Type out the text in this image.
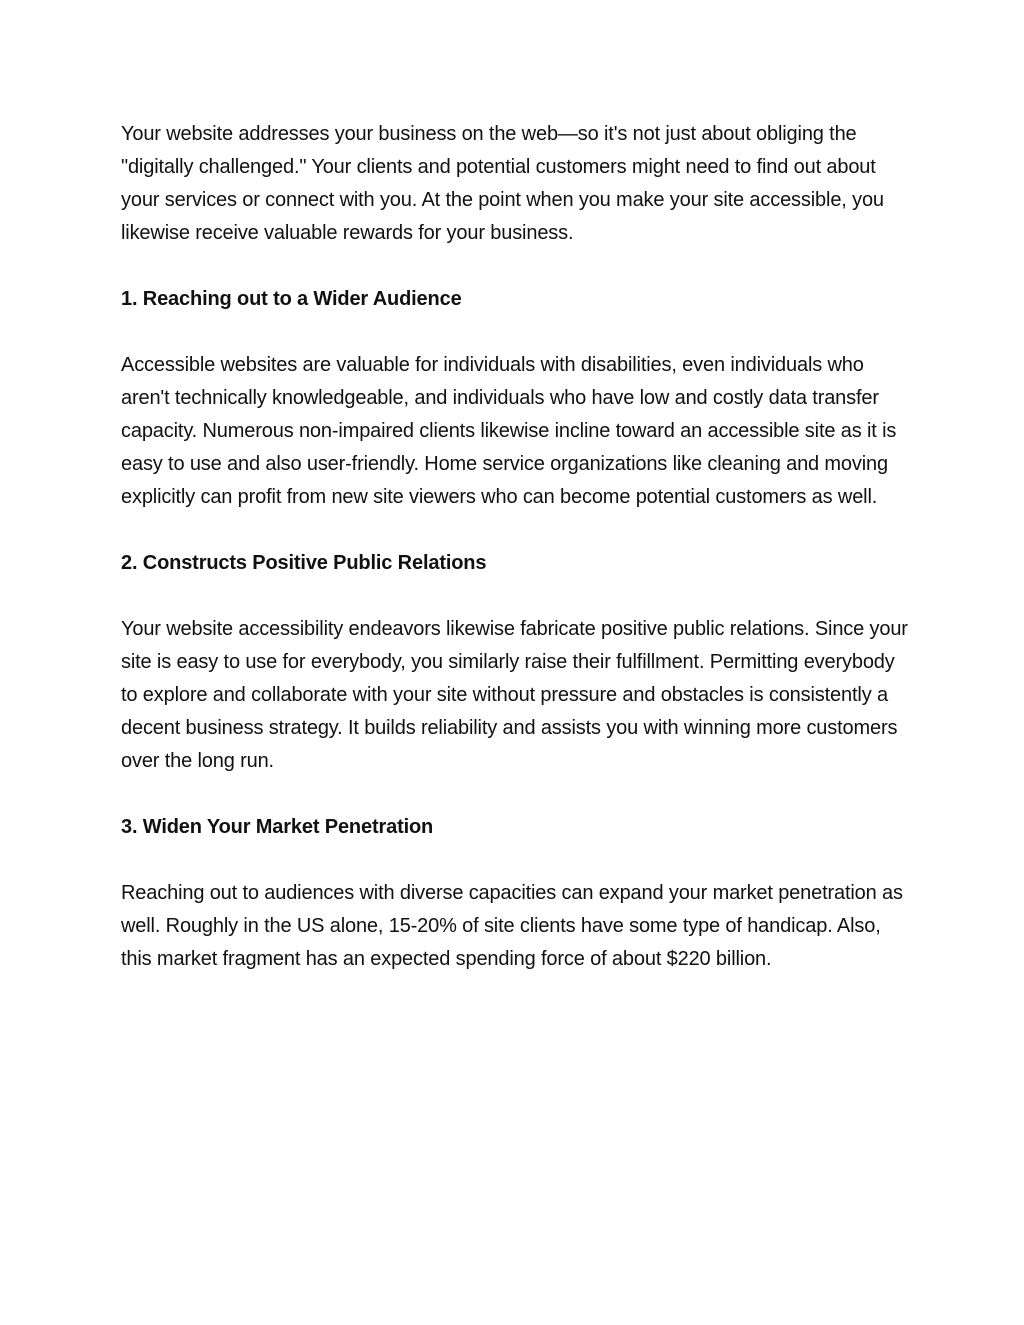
Your website addresses your business on the web—so it's not just about obliging the "digitally challenged." Your clients and potential customers might need to find out about your services or connect with you. At the point when you make your site accessible, you likewise receive valuable rewards for your business.

1. Reaching out to a Wider Audience

Accessible websites are valuable for individuals with disabilities, even individuals who aren't technically knowledgeable, and individuals who have low and costly data transfer capacity. Numerous non-impaired clients likewise incline toward an accessible site as it is easy to use and also user-friendly. Home service organizations like cleaning and moving explicitly can profit from new site viewers who can become potential customers as well.

2. Constructs Positive Public Relations

Your website accessibility endeavors likewise fabricate positive public relations. Since your site is easy to use for everybody, you similarly raise their fulfillment. Permitting everybody to explore and collaborate with your site without pressure and obstacles is consistently a decent business strategy. It builds reliability and assists you with winning more customers over the long run.

3. Widen Your Market Penetration

Reaching out to audiences with diverse capacities can expand your market penetration as well. Roughly in the US alone, 15-20% of site clients have some type of handicap. Also, this market fragment has an expected spending force of about $220 billion.
